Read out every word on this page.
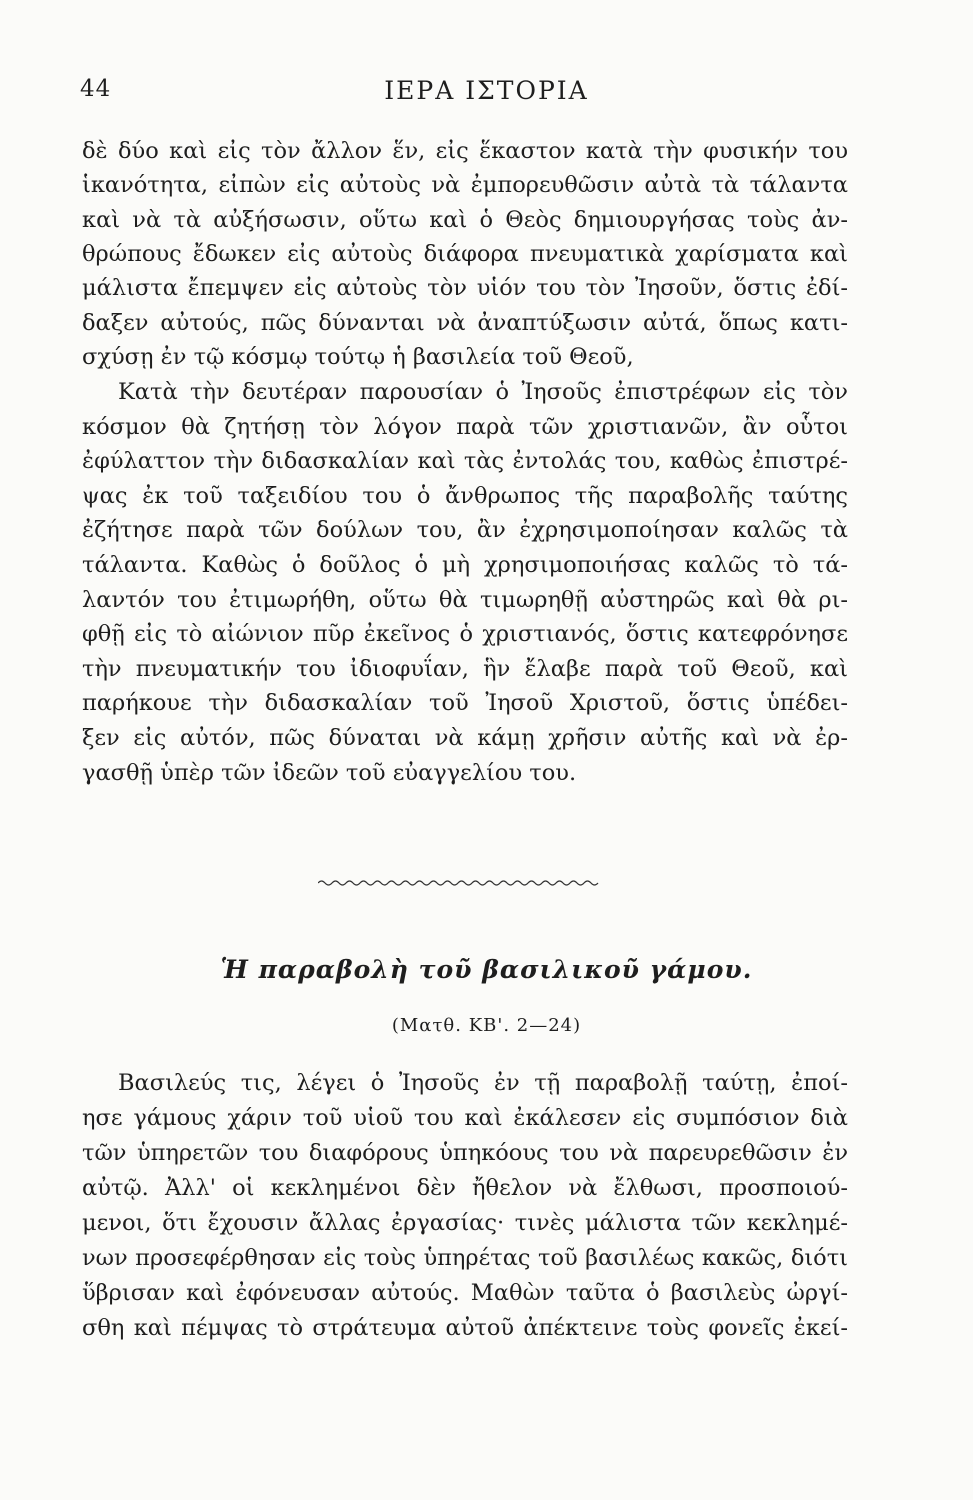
44	ΙΕΡΑ ΙΣΤΟΡΙΑ
δὲ δύο καὶ εἰς τὸν ἄλλον ἕν, εἰς ἕκαστον κατὰ τὴν φυσικήν του
ἱκανότητα, εἰπὼν εἰς αὐτοὺς νὰ ἐμπορευθῶσιν αὐτὰ τὰ τάλαντα
καὶ νὰ τὰ αὐξήσωσιν, οὕτω καὶ ὁ Θεὸς δημιουργήσας τοὺς ἀν-
θρώπους ἔδωκεν εἰς αὐτοὺς διάφορα πνευματικὰ χαρίσματα καὶ
μάλιστα ἔπεμψεν εἰς αὐτοὺς τὸν υἱόν του τὸν Ἰησοῦν, ὅστις ἐδί-
δαξεν αὐτούς, πῶς δύνανται νὰ ἀναπτύξωσιν αὐτά, ὅπως κατι-
σχύσῃ ἐν τῷ κόσμῳ τούτῳ ἡ βασιλεία τοῦ Θεοῦ,
Κατὰ τὴν δευτέραν παρουσίαν ὁ Ἰησοῦς ἐπιστρέφων εἰς τὸν
κόσμον θὰ ζητήσῃ τὸν λόγον παρὰ τῶν χριστιανῶν, ἂν οὗτοι
ἐφύλαττον τὴν διδασκαλίαν καὶ τὰς ἐντολάς του, καθὼς ἐπιστρέ-
ψας ἐκ τοῦ ταξειδίου του ὁ ἄνθρωπος τῆς παραβολῆς ταύτης
ἐζήτησε παρὰ τῶν δούλων του, ἂν ἐχρησιμοποίησαν καλῶς τὰ
τάλαντα. Καθὼς ὁ δοῦλος ὁ μὴ χρησιμοποιήσας καλῶς τὸ τά-
λαντόν του ἐτιμωρήθη, οὕτω θὰ τιμωρηθῇ αὐστηρῶς καὶ θὰ ρι-
φθῇ εἰς τὸ αἰώνιον πῦρ ἐκεῖνος ὁ χριστιανός, ὅστις κατεφρόνησε
τὴν πνευματικήν του ἰδιοφυΐαν, ἣν ἔλαβε παρὰ τοῦ Θεοῦ, καὶ
παρήκουε τὴν διδασκαλίαν τοῦ Ἰησοῦ Χριστοῦ, ὅστις ὑπέδει-
ξεν εἰς αὐτόν, πῶς δύναται νὰ κάμῃ χρῆσιν αὐτῆς καὶ νὰ ἐρ-
γασθῇ ὑπὲρ τῶν ἰδεῶν τοῦ εὐαγγελίου του.
Ἡ παραβολὴ τοῦ βασιλικοῦ γάμου.
(Ματθ. ΚΒ'. 2—24)
Βασιλεύς τις, λέγει ὁ Ἰησοῦς ἐν τῇ παραβολῇ ταύτῃ, ἐποί-
ησε γάμους χάριν τοῦ υἱοῦ του καὶ ἐκάλεσεν εἰς συμπόσιον διὰ
τῶν ὑπηρετῶν του διαφόρους ὑπηκόους του νὰ παρευρεθῶσιν ἐν
αὐτῷ. Ἀλλ' οἱ κεκλημένοι δὲν ἤθελον νὰ ἔλθωσι, προσποιού-
μενοι, ὅτι ἔχουσιν ἄλλας ἐργασίας· τινὲς μάλιστα τῶν κεκλημέ-
νων προσεφέρθησαν εἰς τοὺς ὑπηρέτας τοῦ βασιλέως κακῶς, διότι
ὕβρισαν καὶ ἐφόνευσαν αὐτούς. Μαθὼν ταῦτα ὁ βασιλεὺς ὠργί-
σθη καὶ πέμψας τὸ στράτευμα αὐτοῦ ἀπέκτεινε τοὺς φονεῖς ἐκεί-
